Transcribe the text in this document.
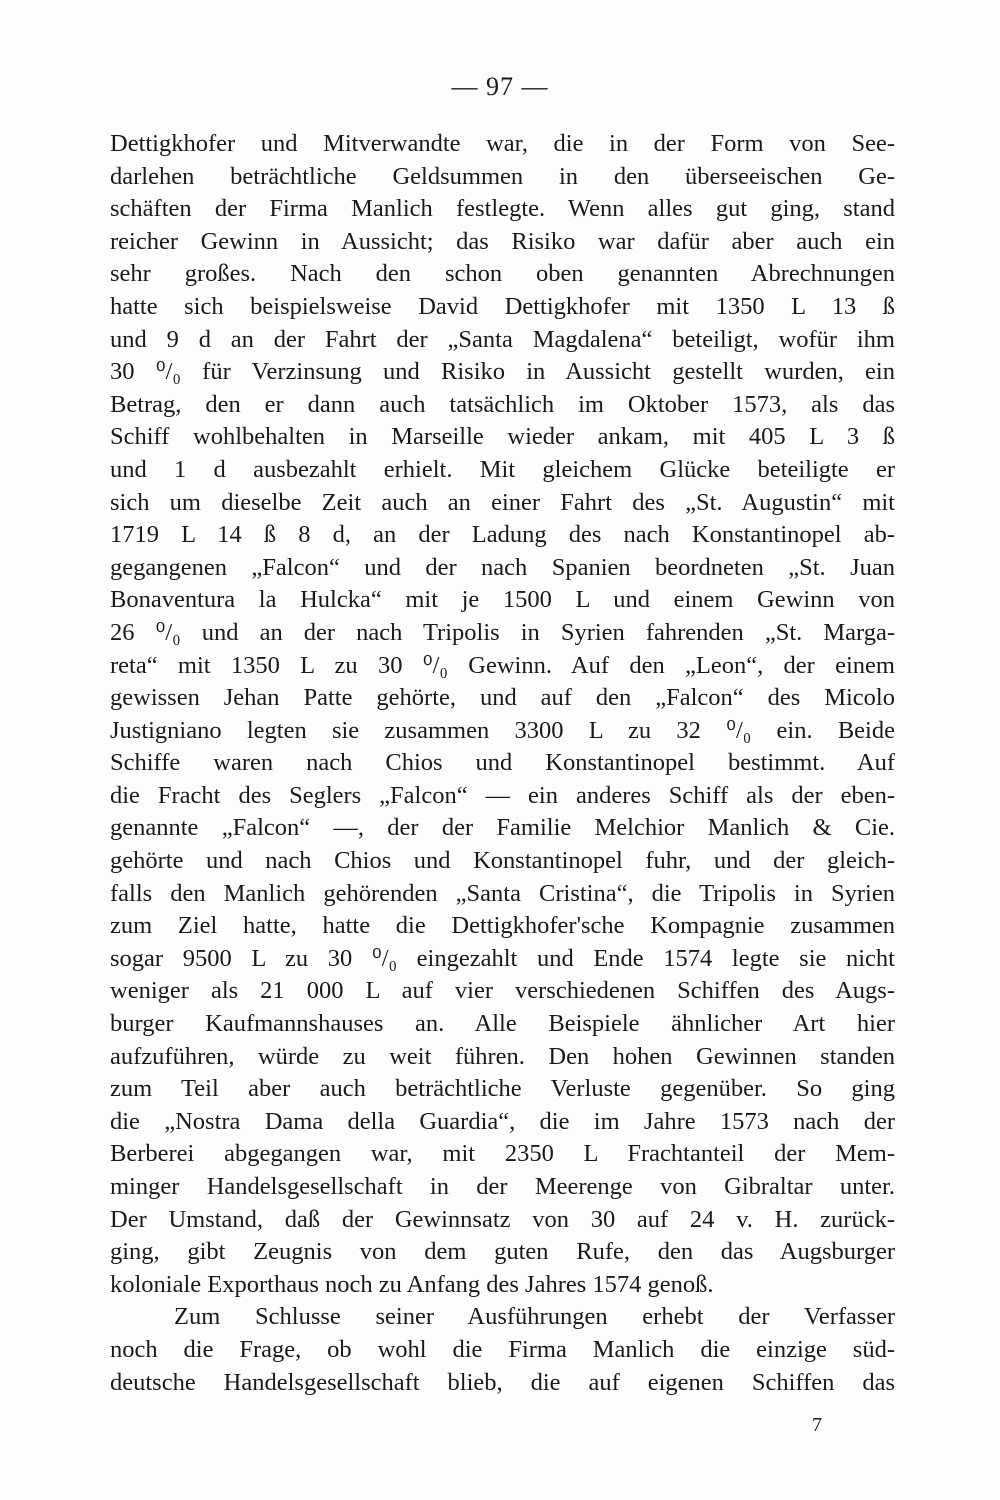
— 97 —
Dettigkhofer und Mitverwandte war, die in der Form von See-
darlehen beträchtliche Geldsummen in den überseeischen Ge-
schäften der Firma Manlich festlegte. Wenn alles gut ging, stand
reicher Gewinn in Aussicht; das Risiko war dafür aber auch ein
sehr großes. Nach den schon oben genannten Abrechnungen
hatte sich beispielsweise David Dettigkhofer mit 1350 L 13 ß
und 9 d an der Fahrt der „Santa Magdalena“ beteiligt, wofür ihm
30 ⁰/₀ für Verzinsung und Risiko in Aussicht gestellt wurden, ein
Betrag, den er dann auch tatsächlich im Oktober 1573, als das
Schiff wohlbehalten in Marseille wieder ankam, mit 405 L 3 ß
und 1 d ausbezahlt erhielt. Mit gleichem Glücke beteiligte er
sich um dieselbe Zeit auch an einer Fahrt des „St. Augustin“ mit
1719 L 14 ß 8 d, an der Ladung des nach Konstantinopel ab-
gegangenen „Falcon“ und der nach Spanien beordneten „St. Juan
Bonaventura la Hulcka“ mit je 1500 L und einem Gewinn von
26 ⁰/₀ und an der nach Tripolis in Syrien fahrenden „St. Marga-
reta“ mit 1350 L zu 30 ⁰/₀ Gewinn. Auf den „Leon“, der einem
gewissen Jehan Patte gehörte, und auf den „Falcon“ des Micolo
Justigniano legten sie zusammen 3300 L zu 32 ⁰/₀ ein. Beide
Schiffe waren nach Chios und Konstantinopel bestimmt. Auf
die Fracht des Seglers „Falcon“ — ein anderes Schiff als der eben-
genannte „Falcon“ —, der der Familie Melchior Manlich & Cie.
gehörte und nach Chios und Konstantinopel fuhr, und der gleich-
falls den Manlich gehörenden „Santa Cristina“, die Tripolis in Syrien
zum Ziel hatte, hatte die Dettigkhofer'sche Kompagnie zusammen
sogar 9500 L zu 30 ⁰/₀ eingezahlt und Ende 1574 legte sie nicht
weniger als 21 000 L auf vier verschiedenen Schiffen des Augs-
burger Kaufmannshauses an. Alle Beispiele ähnlicher Art hier
aufzuführen, würde zu weit führen. Den hohen Gewinnen standen
zum Teil aber auch beträchtliche Verluste gegenüber. So ging
die „Nostra Dama della Guardia“, die im Jahre 1573 nach der
Berberei abgegangen war, mit 2350 L Frachtanteil der Mem-
minger Handelsgesellschaft in der Meerenge von Gibraltar unter.
Der Umstand, daß der Gewinnsatz von 30 auf 24 v. H. zurück-
ging, gibt Zeugnis von dem guten Rufe, den das Augsburger
koloniale Exporthaus noch zu Anfang des Jahres 1574 genoß.
Zum Schlusse seiner Ausführungen erhebt der Verfasser
noch die Frage, ob wohl die Firma Manlich die einzige süd-
deutsche Handelsgesellschaft blieb, die auf eigenen Schiffen das
7
